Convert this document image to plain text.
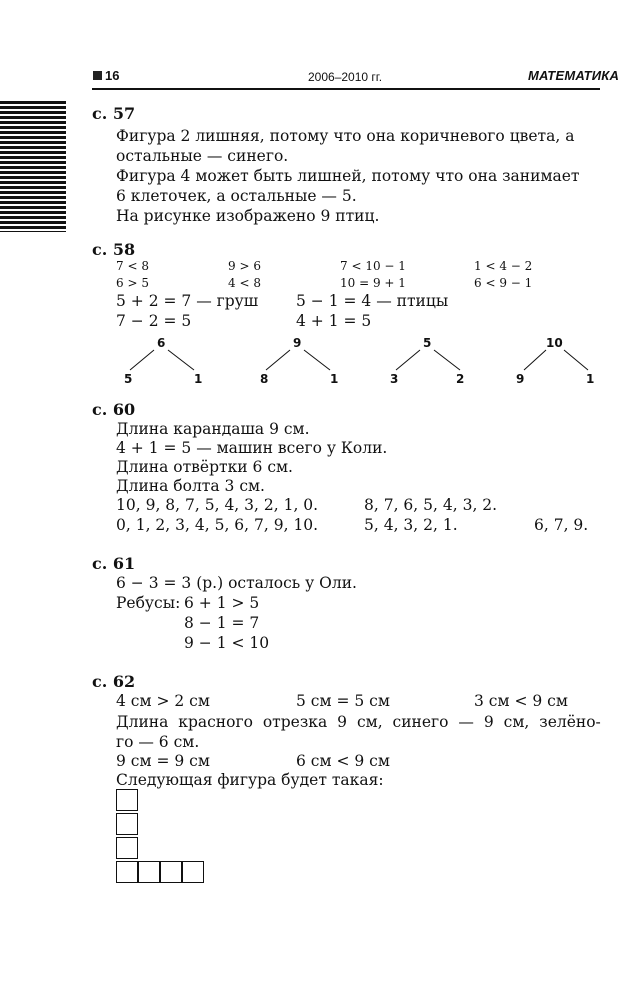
16	2006–2010 гг.	МАТЕМАТИКА
с. 57
Фигура 2 лишняя, потому что она коричневого цвета, а
остальные — синего.
Фигура 4 может быть лишней, потому что она занимает
6 клеточек, а остальные — 5.
На рисунке изображено 9 птиц.
с. 58
7 < 8	9 > 6	7 < 10 − 1	1 < 4 − 2
6 > 5	4 < 8	10 = 9 + 1	6 < 9 − 1
5 + 2 = 7 — груш 5 − 1 = 4 — птицы
7 − 2 = 5	4 + 1 = 5
6
5	1
9
8	1
5
3	2
10
9	1
с. 60
Длина карандаша 9 см.
4 + 1 = 5 — машин всего у Коли.
Длина отвёртки 6 см.
Длина болта 3 см.
10, 9, 8, 7, 5, 4, 3, 2, 1, 0.	8, 7, 6, 5, 4, 3, 2.
0, 1, 2, 3, 4, 5, 6, 7, 9, 10.	5, 4, 3, 2, 1.	6, 7, 9.
с. 61
6 − 3 = 3 (р.) осталось у Оли.
Ребусы: 6 + 1 > 5
8 − 1 = 7
9 − 1 < 10
с. 62
4 см > 2 см	5 см = 5 см	3 см < 9 см
Длина красного отрезка 9 см, синего — 9 см, зелёно-
го — 6 см.
9 см = 9 см	6 см < 9 см
Следующая фигура будет такая:
